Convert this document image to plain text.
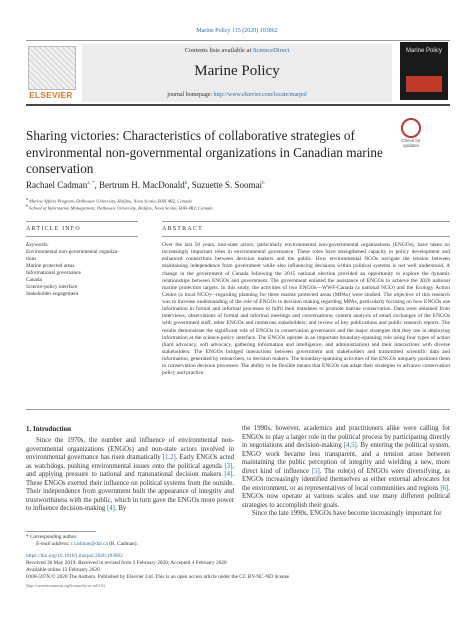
Marine Policy 115 (2020) 103862
ELSEVIER
Contents lists available at ScienceDirect
Marine Policy
journal homepage: http://www.elsevier.com/locate/marpol
Marine Policy
Sharing victories: Characteristics of collaborative strategies of environmental non-governmental organizations in Canadian marine conservation
Check for updates
Rachael Cadman$^{a, *}$, Bertrum H. MacDonald$^b$, Suzuette S. Soomai$^b$
$^a$ Marine Affairs Program, Dalhousie University, Halifax, Nova Scotia, B3H 4R2, Canada
$^b$ School of Information Management, Dalhousie University, Halifax, Nova Scotia, B3H 4R2, Canada
ARTICLE INFO	ABSTRACT
Keywords:
Environmental non-governmental organiza-
tions
Marine protected areas
Informational governance
Canada
Science-policy interface
Stakeholder engagement
Over the last 50 years, non-state actors, particularly environmental non-governmental organizations (ENGOs), have taken on increasingly important roles in environmental governance. These roles have strengthened capacity in policy development and enhanced connections between decision makers and the public. How environmental NGOs navigate the tension between maintaining independence from government while also influencing decisions within political systems is not well understood. A change in the government of Canada following the 2015 national election provided an opportunity to explore the dynamic relationships between ENGOs and government. The government enlisted the assistance of ENGOs to achieve the 2020 national marine protection targets. In this study, the activities of two ENGOs—WWF-Canada (a national NGO) and the Ecology Action Centre (a local NGO)—regarding planning for three marine protected areas (MPAs) were studied. The objective of this research was to increase understanding of the role of ENGOs in decision making regarding MPAs, particularly focusing on how ENGOs use information in formal and informal processes to fulfil their mandates to promote marine conservation. Data were obtained from interviews; observations of formal and informal meetings and conversations; content analysis of email exchanges of the ENGOs with government staff, other ENGOs and numerous stakeholders; and review of key publications and public research reports. The results demonstrate the significant role of ENGOs in conservation governance and the major strategies that they use in deploying information at the science-policy interface. The ENGOs operate in an important boundary-spanning role using four types of action (hard advocacy, soft advocacy, gathering information and intelligence, and administration) and their interactions with diverse stakeholders. The ENGOs bridged interactions between government and stakeholders and transmitted scientific data and information, generated by researchers, to decision makers. The boundary-spanning activities of the ENGOs uniquely positions them in conservation decision processes. The ability to be flexible means that ENGOs can adapt their strategies to advance conservation policy and practice.
1. Introduction
Since the 1970s, the number and influence of environmental non-governmental organizations (ENGOs) and non-state actors involved in environmental governance has risen dramatically [1,2]. Early ENGOs acted as watchdogs, pushing environmental issues onto the political agenda [3], and applying pressure to national and transnational decision makers [4]. These ENGOs exerted their influence on political systems from the outside. Their independence from government built the appearance of integrity and trustworthiness with the public, which in turn gave the ENGOs more power to influence decision-making [4]. By

the 1990s, however, academics and practitioners alike were calling for ENGOs to play a larger role in the political process by participating directly in negotiations and decision-making [4,5]. By entering the political system, ENGO work became less transparent, and a tension arose between maintaining the public perception of integrity and wielding a new, more direct kind of influence [5]. The role(s) of ENGOs were diversifying, as ENGOs increasingly identified themselves as either external advocates for the environment, or as representatives of local communities and regions [6]. ENGOs now operate at various scales and use many different political strategies to accomplish their goals.

Since the late 1990s, ENGOs have become increasingly important for

* Corresponding author.
E-mail address: r.cadman@dal.ca (R. Cadman).
https://doi.org/10.1016/j.marpol.2020.103862
Received 30 May 2019; Received in revised form 3 February 2020; Accepted 4 February 2020
Available online 13 February 2020
0308-597X/© 2020 The Authors. Published by Elsevier Ltd. This is an open access article under the CC BY-NC-ND license
(http://creativecommons.org/licenses/by-nc-nd/4.0/).
